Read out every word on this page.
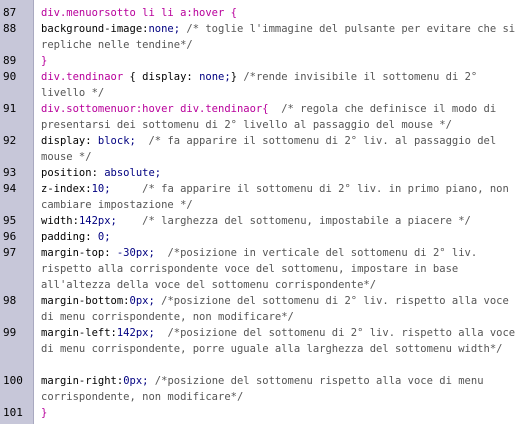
87	div.menuorsotto li li a:hover {
88	background-image:none; /* toglie l'immagine del pulsante per evitare che si repliche nelle tendine*/
89	}
90	div.tendinaor { display: none;} /*rende invisibile il sottomenu di 2° livello */
91	div.sottomenuor:hover div.tendinaor{  /* regola che definisce il modo di presentarsi dei sottomenu di 2° livello al passaggio del mouse */
92	display: block;  /* fa apparire il sottomenu di 2° liv. al passaggio del mouse */
93	position: absolute;
94	z-index:10;     /* fa apparire il sottomenu di 2° liv. in primo piano, non cambiare impostazione */
95	width:142px;    /* larghezza del sottomenu, impostabile a piacere */
96	padding: 0;
97	margin-top: -30px;  /*posizione in verticale del sottomenu di 2° liv. rispetto alla corrispondente voce del sottomenu, impostare in base all'altezza della voce del sottomenu corrispondente*/
98	margin-bottom:0px; /*posizione del sottomenu di 2° liv. rispetto alla voce di menu corrispondente, non modificare*/
99	margin-left:142px;  /*posizione del sottomenu di 2° liv. rispetto alla voce di menu corrispondente, porre uguale alla larghezza del sottomenu width*/
100	margin-right:0px; /*posizione del sottomenu rispetto alla voce di menu corrispondente, non modificare*/
101	}
